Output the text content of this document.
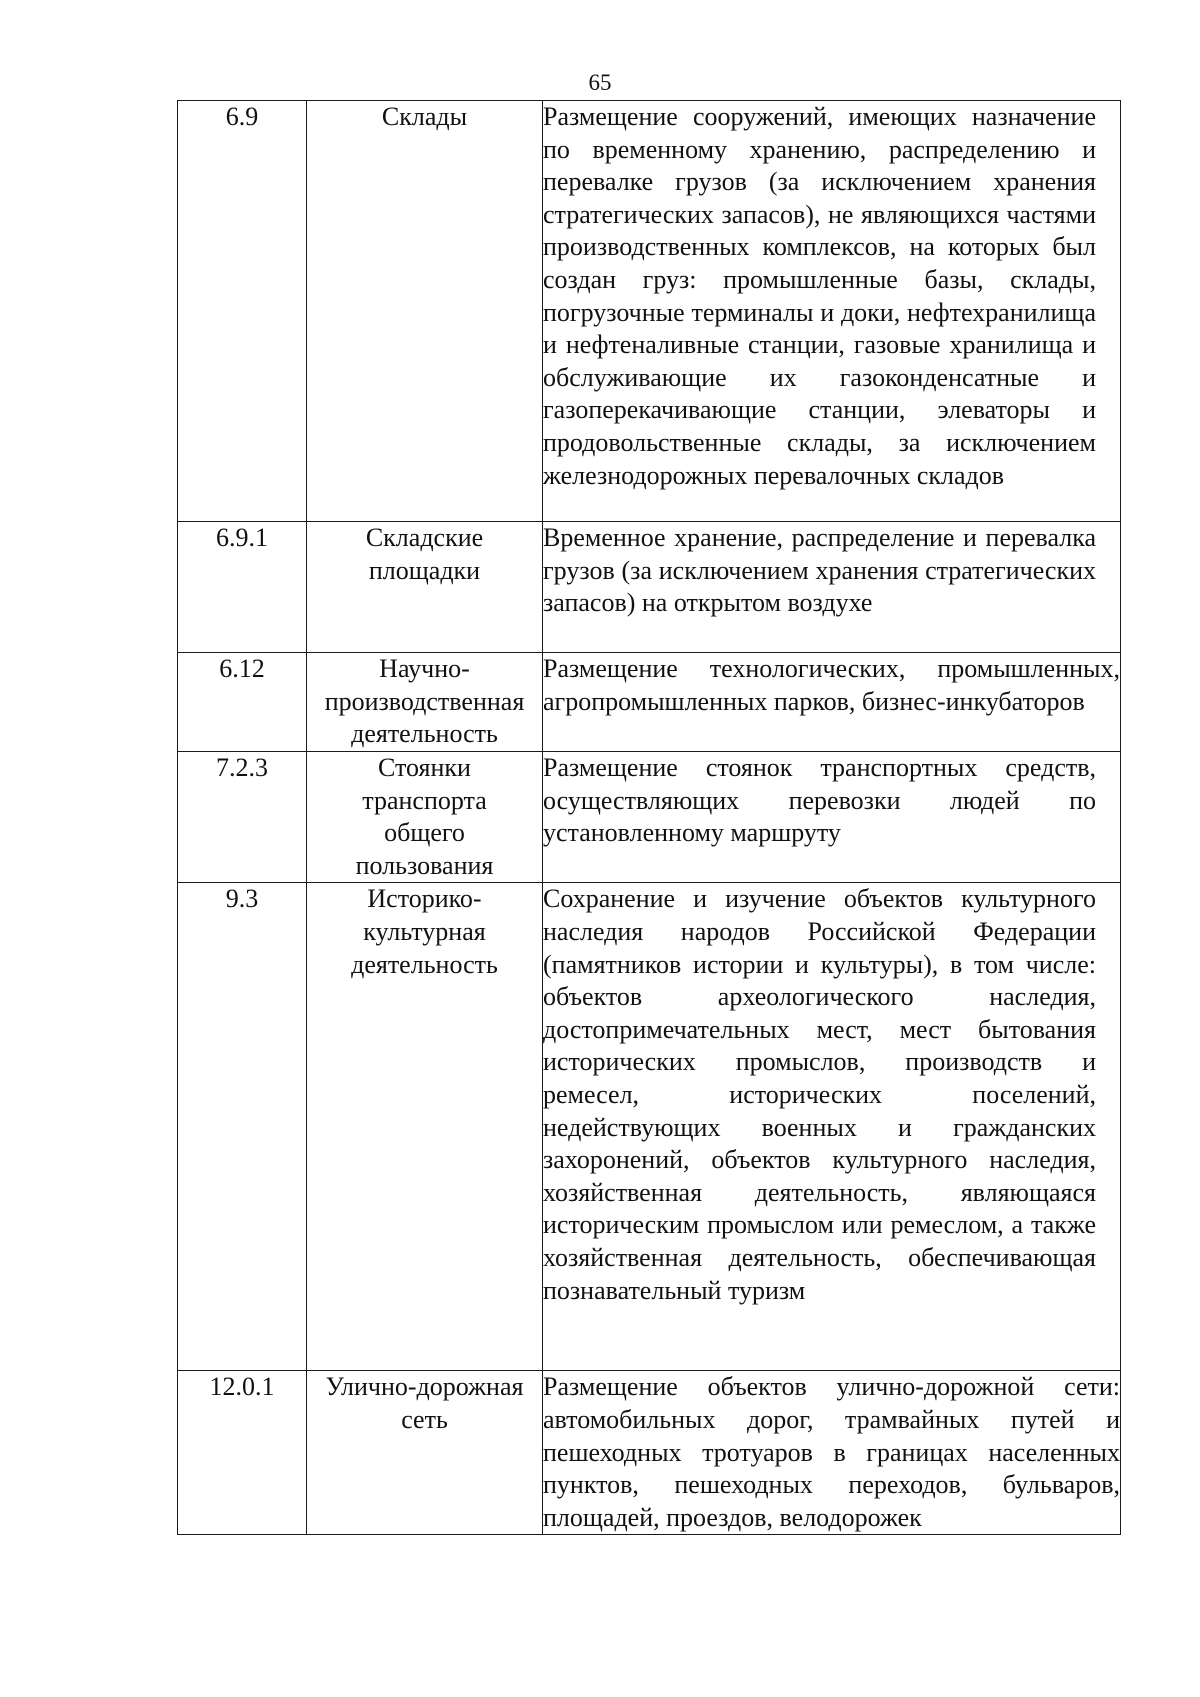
65
6.9	Склады	Размещение сооружений, имеющих назначение по временному хранению, распределению и перевалке грузов (за исключением хранения стратегических запасов), не являющихся частями производственных комплексов, на которых был создан груз: промышленные базы, склады, погрузочные терминалы и доки, нефтехранилища и нефтеналивные станции, газовые хранилища и обслуживающие их газоконденсатные и газоперекачивающие станции, элеваторы и продовольственные склады, за исключением железнодорожных перевалочных складов
6.9.1	Складские площадки	Временное хранение, распределение и перевалка грузов (за исключением хранения стратегических запасов) на открытом воздухе
6.12	Научно-производственная деятельность	Размещение технологических, промышленных, агропромышленных парков, бизнес-инкубаторов
7.2.3	Стоянки транспорта общего пользования	Размещение стоянок транспортных средств, осуществляющих перевозки людей по установленному маршруту
9.3	Историко-культурная деятельность	Сохранение и изучение объектов культурного наследия народов Российской Федерации (памятников истории и культуры), в том числе: объектов археологического наследия, достопримечательных мест, мест бытования исторических промыслов, производств и ремесел, исторических поселений, недействующих военных и гражданских захоронений, объектов культурного наследия, хозяйственная деятельность, являющаяся историческим промыслом или ремеслом, а также хозяйственная деятельность, обеспечивающая познавательный туризм
12.0.1	Улично-дорожная сеть	Размещение объектов улично-дорожной сети: автомобильных дорог, трамвайных путей и пешеходных тротуаров в границах населенных пунктов, пешеходных переходов, бульваров, площадей, проездов, велодорожек
